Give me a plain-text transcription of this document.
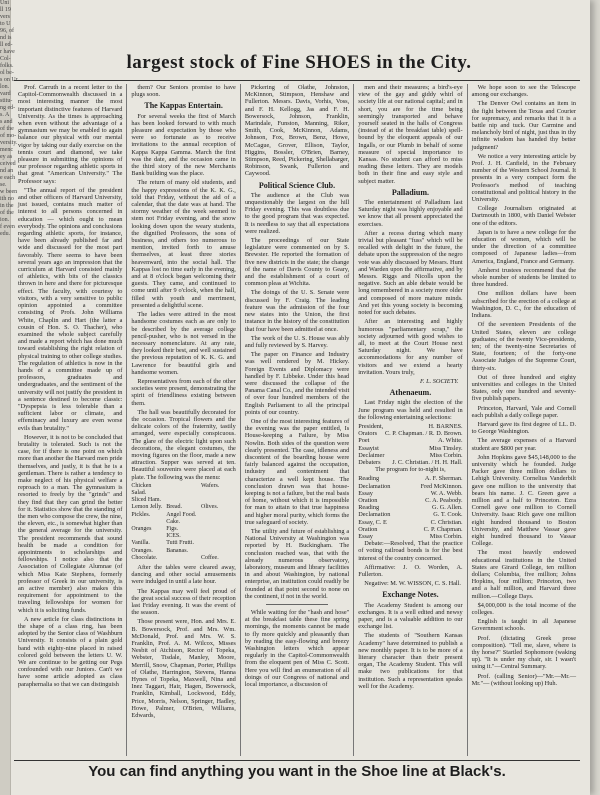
Uni
ll 19
vers
to U
96, of
nd is
ll ed-
r have
Col-
folks.
ol be-
s on Ur
lon.
vard
stitu-
ng ed-
s. A
s and
of the
of mo-
versity.
menc
ey as
ceived
nd an
e each
se.
w been
ith no
in the
of the
ion.
f even
edu.
largest stock of Fine SHOES in the City.

Prof. Carruth in a recent letter to the Capitol-Commonwealth discussed in a most interesting manner the most important distinctive features of Harvard University. As the times is approaching when even without the advantage of a gymnasium we may be enabled to again balance our physical with our mental vigor by taking our daily exercise on the tennis court and diamond, we take pleasure in submitting the opinions of our professor regarding athletic sports in that great "American University." The Professor says:

"The annual report of the president and other officers of Harvard University, just issued, contains much matter of interest to all persons concerned in education — which ought to mean everybody. The opinions and conclusions regarding athletic sports, for instance, have been already published far and wide and discussed for the most part favorably. There seems to have been several years ago an impression that the curriculum at Harvard consisted mainly of athletics, with bits of the classics thrown in here and there for picturesque effect. The faculty, with courtesy to visitors, with a very sensitive to public opinion appointed a committee consisting of Profs. John Williams White, Chaplin and Hart (the latter a cousin of Hon. S. O. Thacher), who examined the whole subject carefully and made a report which has done much toward establishing the right relation of physical training to other college studies. The regulation of athletics is now in the hands of a committee made up of professors, graduates and undergraduates, and the sentiment of the university will not justify the president in a sentence destined to become classic: "Dyspepsia is less tolerable than a sufficient labor or climate, and effeminacy and luxury are even worse evils than brutality."

However, it is not to be concluded that brutality is tolerated. Such is not the case, for if there is one point on which more than another the Harvard men pride themselves, and justly, it is that he is a gentleman. There is rather a tendency to make neglect of his physical welfare a reproach to a man. The gymnasium is resorted to freely by the "grinds" and they find that they can grind the better for it. Statistics show that the standing of the men who compose the crew, the nine, the eleven, etc., is somewhat higher than the general average for the university. The president recommends that sound health be made a condition for appointments to scholarships and fellowships. I notice also that the Association of Collegiate Alumnae (of which Miss Kate Stephens, formerly professor of Greek in our university, is an active member) also makes this requirement for appointment to the traveling fellowships for women for which it is soliciting funds.

A new article for class distinctions in the shape of a class ring, has been adopted by the Senior class of Washburn University. It consists of a plain gold band with eighty-nine placed in raised colored gold between the letters U. W. We are continue to be getting our Pegs confounded with our Juniors. Can't we have some article adopted as class paraphernalia so that we can distinguish

them? Our Seniors promise to have plugs soon.

The Kappas Entertain.

For several weeks the first of March has been looked forward to with much pleasure and expectation by those who were so fortunate as to receive invitations to the annual reception of Kappa Kappa Gamma. March the first was the date, and the occasion came in the third story of the new Merchants Bank building was the place.

The return of many old students, and the happy expressions of the K. K. G., told that Friday, without the aid of a calendar, that the date was at hand. The stormy weather of the week seemed to stem not Friday evening, and the snow looking down upon the weary students, the dignified Professors, the sons of business, and others too numerous to mention, invited forth to amuse themselves, at least three stories heavenward, into the social hall. The Kappas lost no time early in the evening, and at 8 o'clock began welcoming their guests. They came, and continued to come until after 9 o'clock, when the hall, filled with youth and merriment, presented a delightful scene.

The ladies were attired in the most handsome costumes each as are only to be described by the average college pencil-pusher, who is not versed in the necessary nomenclature. At any rate, they looked their best, and well sustained the previous reputation of K. K. G. and Lawrence for beautiful girls and handsome women.

Representatives from each of the other societies were present, demonstrating the spirit of friendliness existing between them.

The hall was beautifully decorated for the occasion. Tropical flowers and the delicate colors of the fraternity, tastily arranged, were especially conspicuous. The glare of the electric light upon such decorations, the elegant costumes, the moving figures on the floor, made a new attraction. Supper was served at ten. Beautiful souvenirs were placed at each plate. The following was the menu:

Chicken Salad.
Wafers.
Sliced Ham.
Lemon Jelly. Bread.	Olives.
Pickles.	Angel Food.
Cake.
Oranges	Figs.
ICES.
Vanilla.	Tutti Frutti.
Oranges.	Bananas.
Chocolate.	Coffee.

After the tables were cleared away, dancing and other social amusements were indulged in until a late hour.

The Kappas may well feel proud of the great social success of their reception last Friday evening. It was the event of the season.

Those present were, Hon. and Mrs. E. B. Bowersock, Prof. and Mrs. Wm. McDonald, Prof. and Mrs. W. S. Franklin, Prof. A. M. Wilcox, Misses Nesbit of Atchison, Rector of Topeka, Webster, Tisdale, Manley, Moore, Merrill, Snow, Chapman, Porter, Phillips of Olathe, Harrington, Stevens, Hanna Hynes of Topeka, Maxwell, Nina and Inez Taggart, Hair, Hagen, Bowersock, Franklin, Kimball, Lockwood, Eddy, Price, Morris, Nelson, Springer, Hadley, Howe, Palmer, O'Brien, Williams, Edwards,

Pickering of Olathe, Johnston, McKinnon, Stimpson, Henshaw and Fullerton. Messrs. Davis, Vorhis, Voss, and F. H. Kellogg, Jas and F. H. Bowersock, Johnson, Franklin, Marindale, Funston, Manning, Riker, Smith, Cook, McKinnon, Adams, Johnson, Fox, Brown, Benz, Howe, McCague, Grover, Ellison, Taylor, Higgins, Bossler, O'Brien, Barney, Stimpson, Reed, Pickering, Shellabarger, Robinson, Swank, Fullerton and Caywood.

Political Science Club.

The audience at the Club was unquestionably the largest on the hill Friday evening. This was doubtless due to the good program that was expected. It is needless to say that all expectations were realized.

The proceedings of our State legislature were commented on by S. Brewster. He reported the formation of five new districts in the state; the change of the name of Davis County to Geary, and the establishment of a court of common pleas at Wichita.

The doings of the U. S. Senate were discussed by F. Craig. The leading feature was the admission of the four new states into the Union, the first instance in the history of the constitution that four have been admitted at once.

The work of the U. S. House was ably and fully reviewed by S. Harvey.

The paper on Finance and Industry was well rendered by M. Hickey. Foreign Events and Diplomacy were handled by F. Libbeke. Under this head were discussed the collapse of the Panama Canal Co., and the intended visit of over four hundred members of the English Parliament to all the principal points of our country.

One of the most interesting features of the evening was the paper entitled, Is House-keeping a Failure, by Miss Nowlin. Both sides of the question were clearly presented. The case, idleness and discontent of the boarding house were fairly balanced against the occupation, industry and contentment that characterize a well kept house. The conclusion drawn was that house-keeping is not a failure, but the real basis of home, without which it is impossible for man to attain to that true happiness and higher moral purity, which forms the true safeguard of society.

The utility and future of establishing a National University at Washington was reported by H. Buckingham. The conclusion reached was, that with the already numerous observatory, laboratory, museum and library facilities in and about Washington, by national enterprise, an institution could readily be founded at that point second to none on the continent, if not in the world.

While waiting for the "hash and hose" at the breakfast table these fine spring mornings, the moments cannot be made to fly more quickly and pleasantly than by reading the easy-flowing and breezy Washington letters which appear regularly in the Capitol-Commonwealth from the eloquent pen of Miss C. Scott. Here you will find an enumeration of all doings of our Congress of national and local importance, a discussion of

men and their measures; a bird's-eye view of the gay and giddy whirl of society life at our national capital; and in short, you are for the time being seemingly transported and behave yourself seated in the halls of Congress (instead of at the breakfast table) spell-bound by the eloquent appeals of our Ingalls, or our Plumb in behalf of some measure of special importance to Kansas. No student can afford to miss reading these letters. They are models both in their fine and easy style and subject matter.

Palladium.

The entertainment of Palladium last Saturday night was highly enjoyable and we know that all present appreciated the exercises.

After a recess during which many trivial but pleasant "fuss" which will be recalled with delight in the future, the debate upon the suppression of the negro vote was ably discussed by Messrs. Hunt and Warden upon the affirmative, and by Messrs. Riggs and Nicolls upon the negative. Such an able debate would be long remembered in a society more older and composed of more mature minds. And yet this young society is becoming noted for such debates.

After an interesting and highly humorous "parliamentary scrap," the society adjourned with good wishes to all, to meet at the Court House next Saturday night. We have accommodations for any number of visitors and we extend a hearty invitation. Yours truly,

F. L. SOCIETY.
Athenaeum.

Last Friday night the election of the June program was held and resulted in the following entertaining selections:

President,	H. BARNES.
Orators C. P. Chapman. / R. D. Brown.
Poet	A. White.
Essayist	Miss Tinsley.
Declaimer	Miss Corbin.
Debaters J. C. Christian. / H. H. Hall.

The program for to-night is,

Reading	A. F. Sherman.
Declamation	Fred McKinnon.
Essay	W. A. Webb.
Oration	C. A. Peabody.
Reading	G. G. Allen.
Declamation	G. T. Cook.
Essay, C. E	C. Christian.
Oration	C. P. Chapman.
Essay	Miss Corbin.

Debate:—Resolved, That the practice of voting railroad bonds is for the best interest of the country concerned.

Affirmative: J. O. Worden, A. Fullerton.

Negative: M. W. WISSON, C. S. Hall.

Exchange Notes.

The Academy Student is among our exchanges. It is a well edited and newsy paper, and is a valuable addition to our exchange list.

The students of "Southern Kansas Academy" have determined to publish a new monthly paper. It is to be more of a literary character than their present organ, The Academy Student. This will make two publications for that institution. Such a representation speaks well for the Academy.

We hope soon to see the Telescope among our exchanges.

The Denver Owl contains an item in the fight between the Texas and Courier for supremacy, and remarks that it is a battle nip and tuck. Our Carmine and melancholy bird of night, just thus in thy infinite wisdom has handed thy better judgment?

We notice a very interesting article by Prof. J. H. Canfield, in the February number of the Western School Journal. It presents in a very compact form the Professor's method of teaching constitutional and political history in the University.

College Journalism originated at Dartmouth in 1800, with Daniel Webster one of the editors.

Japan is to have a new college for the education of women, which will be under the direction of a committee composed of Japanese ladies—from America, England, France and Germany.

Amherst trustees recommend that the whole number of students be limited to three hundred.

One million dollars have been subscribed for the erection of a college at Washington, D. C., for the education of Indians.

Of the seventeen Presidents of the United States, eleven are college graduates; of the twenty Vice-presidents, ten; of the twenty-nine Secretaries of State, fourteen; of the forty-one Associate Judges of the Supreme Court, thirty-six.

Out of three hundred and eighty universities and colleges in the United States, only one hundred and seventy-five publish papers.

Princeton, Harvard, Yale and Cornell each publish a daily college paper.

Harvard gave its first degree of LL. D. to George Washington.

The average expenses of a Harvard student are $800 per year.

John Hopkins gave $45,148,000 to the university which he founded. Judge Packer gave three million dollars to Lehigh University. Cornelius Vanderbilt gave one million to the university that bears his name. J. C. Green gave a million and a half to Princeton. Ezra Cornell gave one million to Cornell University. Isaac Rich gave one million eight hundred thousand to Boston University, and Matthew Vassar gave eight hundred thousand to Vassar College.

The most heavily endowed educational institutions in the United States are Girard College, ten million dollars; Columbia, five million; Johns Hopkins, four million; Princeton, two and a half million, and Harvard three million.—College Days.

$4,000,000 is the total income of the colleges.

English is taught in all Japanese Government schools.

Prof. (dictating Greek prose composition). "Tell me, slave, where is thy horse?" Startled Sophomore (waking up). "It is under my chair, sir. I wasn't using it."—Central Summary.

Prof. (calling Senior)—"Mr.—Mr.—Mr."— (without looking up) Huh.

You can find anything you want in the Shoe line at Black's.
